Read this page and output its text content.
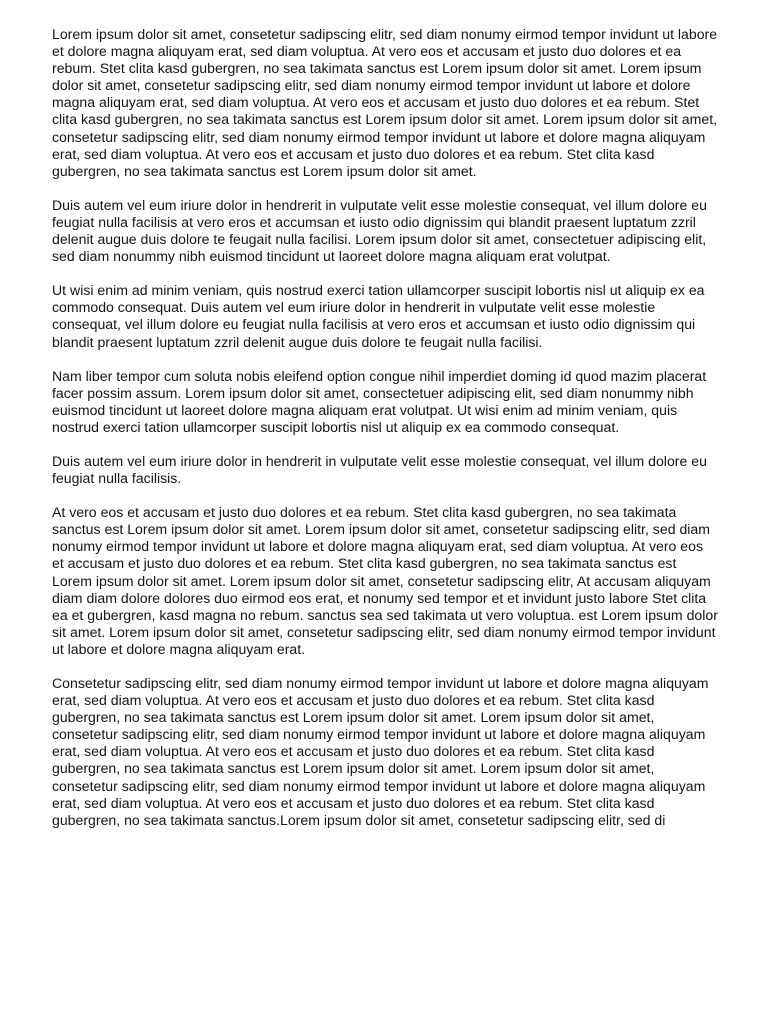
Lorem ipsum dolor sit amet, consetetur sadipscing elitr, sed diam nonumy eirmod tempor invidunt ut labore et dolore magna aliquyam erat, sed diam voluptua. At vero eos et accusam et justo duo dolores et ea rebum. Stet clita kasd gubergren, no sea takimata sanctus est Lorem ipsum dolor sit amet. Lorem ipsum dolor sit amet, consetetur sadipscing elitr, sed diam nonumy eirmod tempor invidunt ut labore et dolore magna aliquyam erat, sed diam voluptua. At vero eos et accusam et justo duo dolores et ea rebum. Stet clita kasd gubergren, no sea takimata sanctus est Lorem ipsum dolor sit amet. Lorem ipsum dolor sit amet, consetetur sadipscing elitr, sed diam nonumy eirmod tempor invidunt ut labore et dolore magna aliquyam erat, sed diam voluptua. At vero eos et accusam et justo duo dolores et ea rebum. Stet clita kasd gubergren, no sea takimata sanctus est Lorem ipsum dolor sit amet.

Duis autem vel eum iriure dolor in hendrerit in vulputate velit esse molestie consequat, vel illum dolore eu feugiat nulla facilisis at vero eros et accumsan et iusto odio dignissim qui blandit praesent luptatum zzril delenit augue duis dolore te feugait nulla facilisi. Lorem ipsum dolor sit amet, consectetuer adipiscing elit, sed diam nonummy nibh euismod tincidunt ut laoreet dolore magna aliquam erat volutpat.

Ut wisi enim ad minim veniam, quis nostrud exerci tation ullamcorper suscipit lobortis nisl ut aliquip ex ea commodo consequat. Duis autem vel eum iriure dolor in hendrerit in vulputate velit esse molestie consequat, vel illum dolore eu feugiat nulla facilisis at vero eros et accumsan et iusto odio dignissim qui blandit praesent luptatum zzril delenit augue duis dolore te feugait nulla facilisi.

Nam liber tempor cum soluta nobis eleifend option congue nihil imperdiet doming id quod mazim placerat facer possim assum. Lorem ipsum dolor sit amet, consectetuer adipiscing elit, sed diam nonummy nibh euismod tincidunt ut laoreet dolore magna aliquam erat volutpat. Ut wisi enim ad minim veniam, quis nostrud exerci tation ullamcorper suscipit lobortis nisl ut aliquip ex ea commodo consequat.

Duis autem vel eum iriure dolor in hendrerit in vulputate velit esse molestie consequat, vel illum dolore eu feugiat nulla facilisis.

At vero eos et accusam et justo duo dolores et ea rebum. Stet clita kasd gubergren, no sea takimata sanctus est Lorem ipsum dolor sit amet. Lorem ipsum dolor sit amet, consetetur sadipscing elitr, sed diam nonumy eirmod tempor invidunt ut labore et dolore magna aliquyam erat, sed diam voluptua. At vero eos et accusam et justo duo dolores et ea rebum. Stet clita kasd gubergren, no sea takimata sanctus est Lorem ipsum dolor sit amet. Lorem ipsum dolor sit amet, consetetur sadipscing elitr, At accusam aliquyam diam diam dolore dolores duo eirmod eos erat, et nonumy sed tempor et et invidunt justo labore Stet clita ea et gubergren, kasd magna no rebum. sanctus sea sed takimata ut vero voluptua. est Lorem ipsum dolor sit amet. Lorem ipsum dolor sit amet, consetetur sadipscing elitr, sed diam nonumy eirmod tempor invidunt ut labore et dolore magna aliquyam erat.

Consetetur sadipscing elitr, sed diam nonumy eirmod tempor invidunt ut labore et dolore magna aliquyam erat, sed diam voluptua. At vero eos et accusam et justo duo dolores et ea rebum. Stet clita kasd gubergren, no sea takimata sanctus est Lorem ipsum dolor sit amet. Lorem ipsum dolor sit amet, consetetur sadipscing elitr, sed diam nonumy eirmod tempor invidunt ut labore et dolore magna aliquyam erat, sed diam voluptua. At vero eos et accusam et justo duo dolores et ea rebum. Stet clita kasd gubergren, no sea takimata sanctus est Lorem ipsum dolor sit amet. Lorem ipsum dolor sit amet, consetetur sadipscing elitr, sed diam nonumy eirmod tempor invidunt ut labore et dolore magna aliquyam erat, sed diam voluptua. At vero eos et accusam et justo duo dolores et ea rebum. Stet clita kasd gubergren, no sea takimata sanctus.Lorem ipsum dolor sit amet, consetetur sadipscing elitr, sed di
